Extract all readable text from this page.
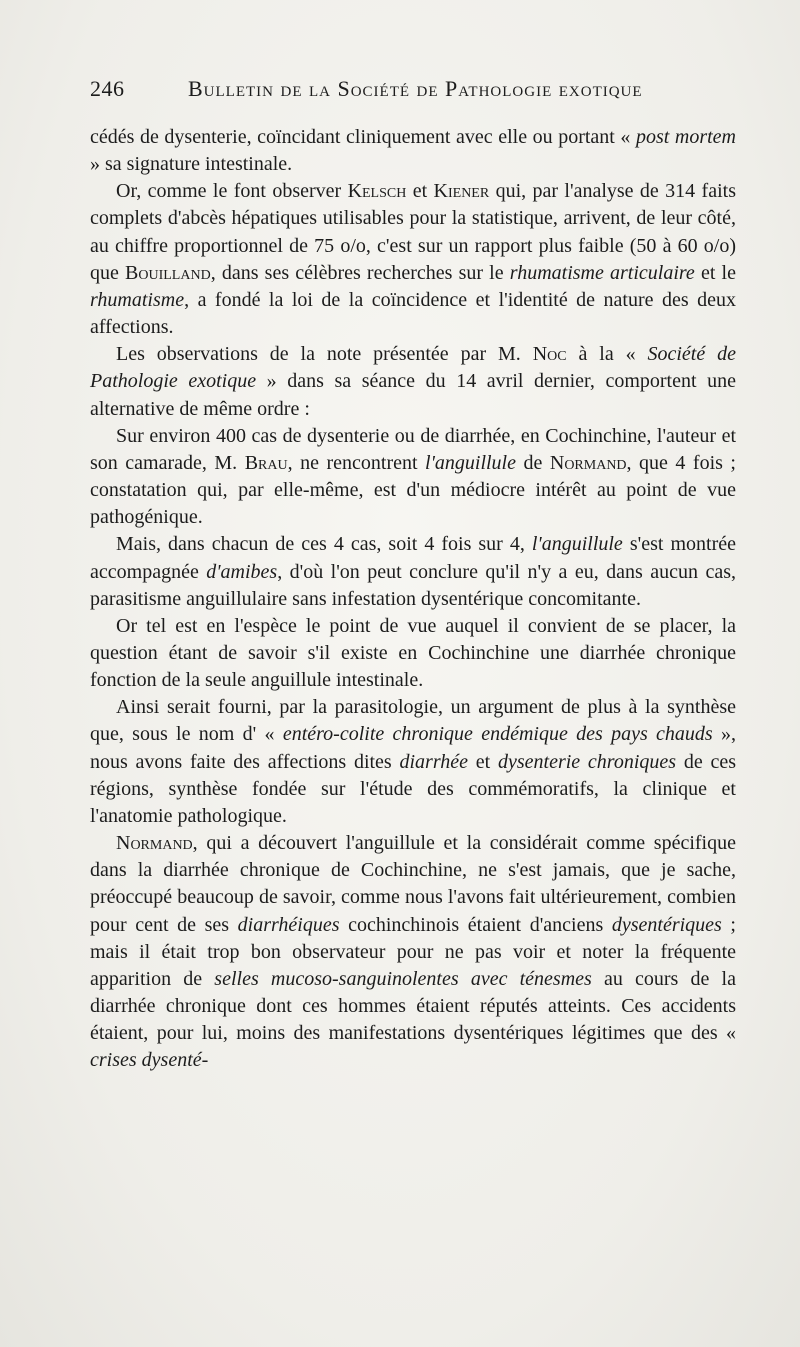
246	Bulletin de la Société de Pathologie exotique

cédés de dysenterie, coïncidant cliniquement avec elle ou portant « post mortem » sa signature intestinale.

Or, comme le font observer Kelsch et Kiener qui, par l'analyse de 314 faits complets d'abcès hépatiques utilisables pour la statistique, arrivent, de leur côté, au chiffre proportionnel de 75 o/o, c'est sur un rapport plus faible (50 à 60 o/o) que Bouilland, dans ses célèbres recherches sur le rhumatisme articulaire et le rhumatisme, a fondé la loi de la coïncidence et l'identité de nature des deux affections.

Les observations de la note présentée par M. Noc à la « Société de Pathologie exotique » dans sa séance du 14 avril dernier, comportent une alternative de même ordre :

Sur environ 400 cas de dysenterie ou de diarrhée, en Cochinchine, l'auteur et son camarade, M. Brau, ne rencontrent l'anguillule de Normand, que 4 fois ; constatation qui, par elle-même, est d'un médiocre intérêt au point de vue pathogénique.

Mais, dans chacun de ces 4 cas, soit 4 fois sur 4, l'anguillule s'est montrée accompagnée d'amibes, d'où l'on peut conclure qu'il n'y a eu, dans aucun cas, parasitisme anguillulaire sans infestation dysentérique concomitante.

Or tel est en l'espèce le point de vue auquel il convient de se placer, la question étant de savoir s'il existe en Cochinchine une diarrhée chronique fonction de la seule anguillule intestinale.

Ainsi serait fourni, par la parasitologie, un argument de plus à la synthèse que, sous le nom d' « entéro-colite chronique endémique des pays chauds », nous avons faite des affections dites diarrhée et dysenterie chroniques de ces régions, synthèse fondée sur l'étude des commémoratifs, la clinique et l'anatomie pathologique.

Normand, qui a découvert l'anguillule et la considérait comme spécifique dans la diarrhée chronique de Cochinchine, ne s'est jamais, que je sache, préoccupé beaucoup de savoir, comme nous l'avons fait ultérieurement, combien pour cent de ses diarrhéiques cochinchinois étaient d'anciens dysentériques ; mais il était trop bon observateur pour ne pas voir et noter la fréquente apparition de selles mucoso-sanguinolentes avec ténesmes au cours de la diarrhée chronique dont ces hommes étaient réputés atteints. Ces accidents étaient, pour lui, moins des manifestations dysentériques légitimes que des « crises dysenté-
